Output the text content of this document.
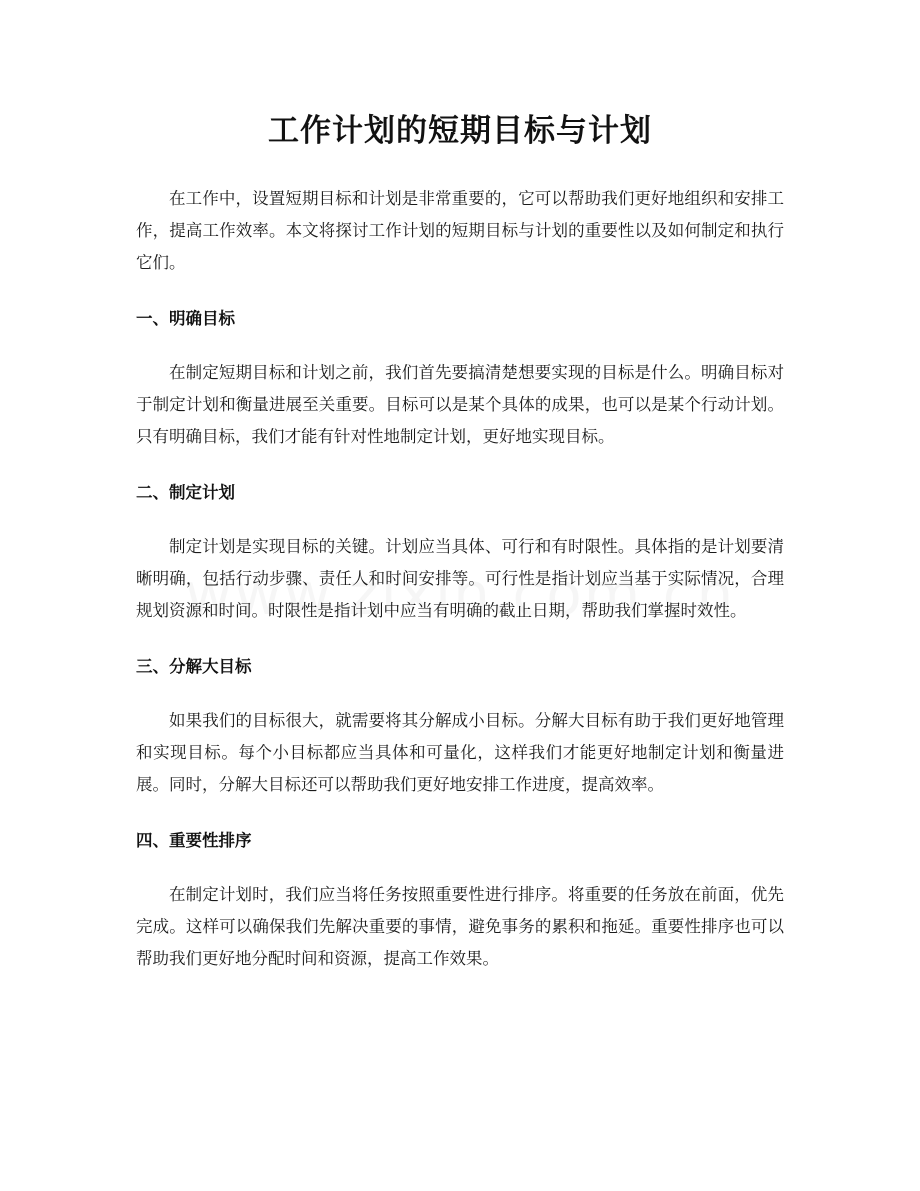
工作计划的短期目标与计划

在工作中，设置短期目标和计划是非常重要的，它可以帮助我们更好地组织和安排工作，提高工作效率。本文将探讨工作计划的短期目标与计划的重要性以及如何制定和执行它们。

一、明确目标

在制定短期目标和计划之前，我们首先要搞清楚想要实现的目标是什么。明确目标对于制定计划和衡量进展至关重要。目标可以是某个具体的成果，也可以是某个行动计划。只有明确目标，我们才能有针对性地制定计划，更好地实现目标。

二、制定计划

制定计划是实现目标的关键。计划应当具体、可行和有时限性。具体指的是计划要清晰明确，包括行动步骤、责任人和时间安排等。可行性是指计划应当基于实际情况，合理规划资源和时间。时限性是指计划中应当有明确的截止日期，帮助我们掌握时效性。

三、分解大目标

如果我们的目标很大，就需要将其分解成小目标。分解大目标有助于我们更好地管理和实现目标。每个小目标都应当具体和可量化，这样我们才能更好地制定计划和衡量进展。同时，分解大目标还可以帮助我们更好地安排工作进度，提高效率。

四、重要性排序

在制定计划时，我们应当将任务按照重要性进行排序。将重要的任务放在前面，优先完成。这样可以确保我们先解决重要的事情，避免事务的累积和拖延。重要性排序也可以帮助我们更好地分配时间和资源，提高工作效果。
